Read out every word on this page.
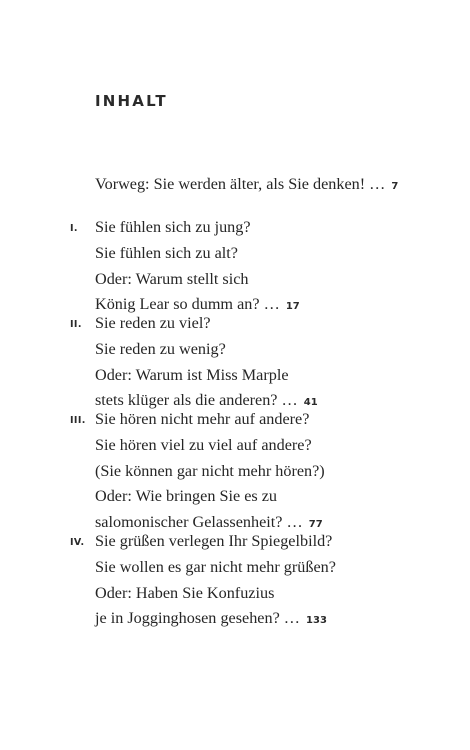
INHALT
Vorweg: Sie werden älter, als Sie denken! … 7
I. Sie fühlen sich zu jung?
Sie fühlen sich zu alt?
Oder: Warum stellt sich
König Lear so dumm an? … 17
II. Sie reden zu viel?
Sie reden zu wenig?
Oder: Warum ist Miss Marple
stets klüger als die anderen? … 41
III. Sie hören nicht mehr auf andere?
Sie hören viel zu viel auf andere?
(Sie können gar nicht mehr hören?)
Oder: Wie bringen Sie es zu
salomonischer Gelassenheit? … 77
IV. Sie grüßen verlegen Ihr Spiegelbild?
Sie wollen es gar nicht mehr grüßen?
Oder: Haben Sie Konfuzius
je in Jogginghosen gesehen? … 133
